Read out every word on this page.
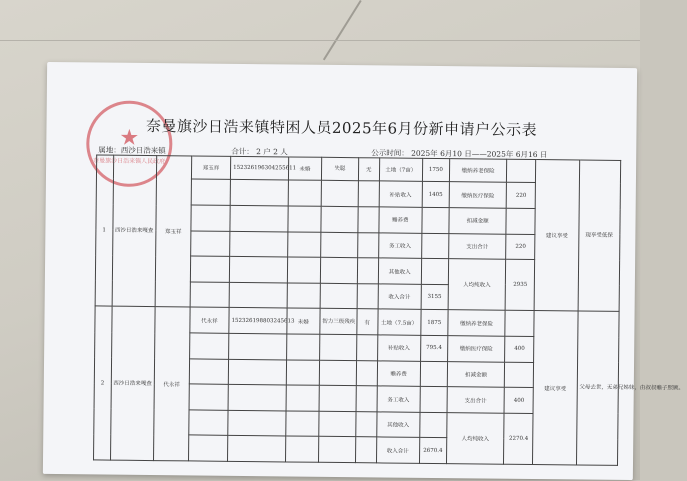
★
奈曼旗沙日浩来镇人民政府
奈曼旗沙日浩来镇特困人员2025年6月份新申请户公示表
属地：西沙日浩来镇	合计： 2 户 2 人	公示时间： 2025年 6月10 日——2025年 6月16 日
1	西沙日浩来嘎查	郑玉祥	郑玉祥	152326196304255611	未婚	失聪	无	土地（7亩）	1750	缴纳养老保险		建议享受	现享受低保
								补贴收入	1405	缴纳医疗保险	220		
								赡养费		扣减金额			
								务工收入		支出合计	220		
								其他收入		人均纯收入	2935		
								收入合计	3155				
2	西沙日浩来嘎查	代永祥	代永祥	152326198803245613	未婚	智力三级残疾	有	土地（7.5亩）	1875	缴纳养老保险		建议享受	父母去世，无弟兄姊妹，由叔叔赡子照顾。
								补贴收入	795.4	缴纳医疗保险	400		
								赡养费		扣减金额			
								务工收入		支出合计	400		
								其他收入		人均纯收入	2270.4		
								收入合计	2670.4				
